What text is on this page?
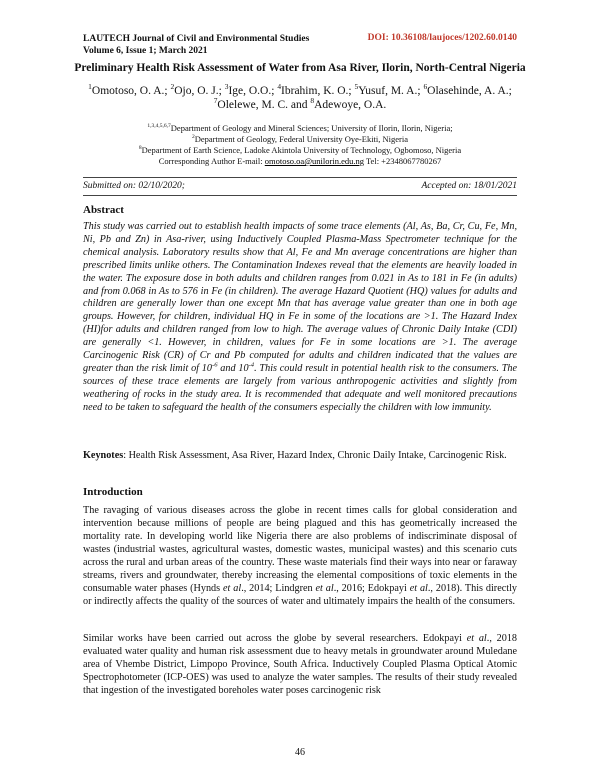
LAUTECH Journal of Civil and Environmental Studies
Volume 6, Issue 1; March 2021
DOI: 10.36108/laujoces/1202.60.0140
Preliminary Health Risk Assessment of Water from Asa River, Ilorin, North-Central Nigeria
$^1$Omotoso, O. A.; $^2$Ojo, O. J.; $^3$Ige, O.O.; $^4$Ibrahim, K. O.; $^5$Yusuf, M. A.; $^6$Olasehinde, A. A.; $^7$Olelewe, M. C. and $^8$Adewoye, O.A.
$^{1,3,4,5,6,7}$Department of Geology and Mineral Sciences; University of Ilorin, Ilorin, Nigeria;
$^2$Department of Geology, Federal University Oye-Ekiti, Nigeria
$^8$Department of Earth Science, Ladoke Akintola University of Technology, Ogbomoso, Nigeria
Corresponding Author E-mail: omotoso.oa@unilorin.edu.ng Tel: +2348067780267
Submitted on: 02/10/2020;	Accepted on: 18/01/2021
Abstract
This study was carried out to establish health impacts of some trace elements (Al, As, Ba, Cr, Cu, Fe, Mn, Ni, Pb and Zn) in Asa-river, using Inductively Coupled Plasma-Mass Spectrometer technique for the chemical analysis. Laboratory results show that Al, Fe and Mn average concentrations are higher than prescribed limits unlike others. The Contamination Indexes reveal that the elements are heavily loaded in the water. The exposure dose in both adults and children ranges from 0.021 in As to 181 in Fe (in adults) and from 0.068 in As to 576 in Fe (in children). The average Hazard Quotient (HQ) values for adults and children are generally lower than one except Mn that has average value greater than one in both age groups. However, for children, individual HQ in Fe in some of the locations are >1. The Hazard Index (HI)for adults and children ranged from low to high. The average values of Chronic Daily Intake (CDI) are generally <1. However, in children, values for Fe in some locations are >1. The average Carcinogenic Risk (CR) of Cr and Pb computed for adults and children indicated that the values are greater than the risk limit of $10^{-6}$ and $10^{-4}$. This could result in potential health risk to the consumers. The sources of these trace elements are largely from various anthropogenic activities and slightly from weathering of rocks in the study area. It is recommended that adequate and well monitored precautions need to be taken to safeguard the health of the consumers especially the children with low immunity.
Keynotes: Health Risk Assessment, Asa River, Hazard Index, Chronic Daily Intake, Carcinogenic Risk.
Introduction
The ravaging of various diseases across the globe in recent times calls for global consideration and intervention because millions of people are being plagued and this has geometrically increased the mortality rate. In developing world like Nigeria there are also problems of indiscriminate disposal of wastes (industrial wastes, agricultural wastes, domestic wastes, municipal wastes) and this scenario cuts across the rural and urban areas of the country. These waste materials find their ways into near or faraway streams, rivers and groundwater, thereby increasing the elemental compositions of toxic elements in the consumable water phases (Hynds et al., 2014; Lindgren et al., 2016; Edokpayi et al., 2018). This directly or indirectly affects the quality of the sources of water and ultimately impairs the health of the consumers.
Similar works have been carried out across the globe by several researchers. Edokpayi et al., 2018 evaluated water quality and human risk assessment due to heavy metals in groundwater around Muledane area of Vhembe District, Limpopo Province, South Africa. Inductively Coupled Plasma Optical Atomic Spectrophotometer (ICP-OES) was used to analyze the water samples. The results of their study revealed that ingestion of the investigated boreholes water poses carcinogenic risk
46
